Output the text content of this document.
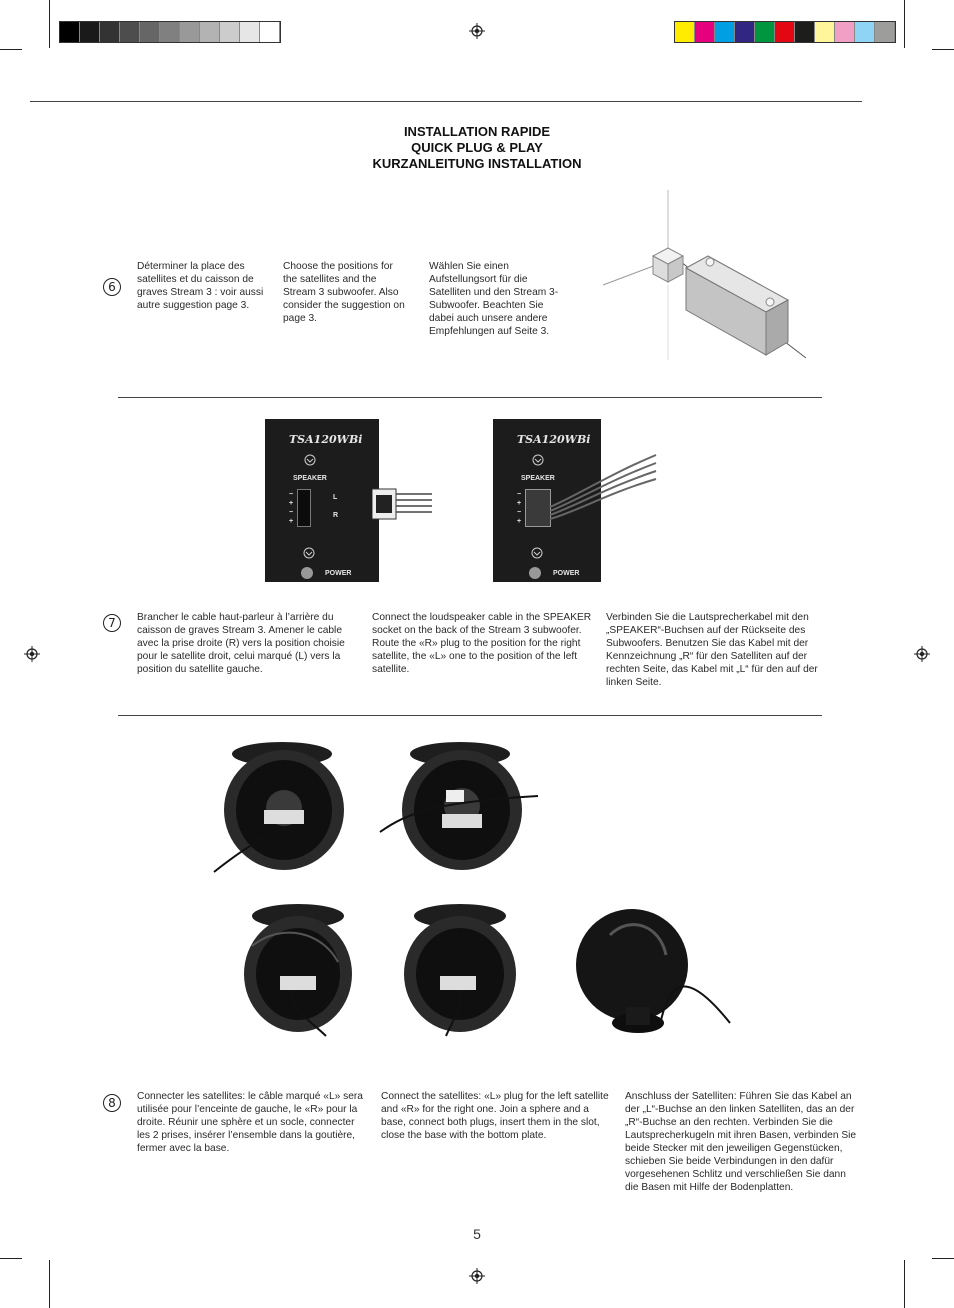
INSTALLATION RAPIDE
QUICK PLUG & PLAY
KURZANLEITUNG INSTALLATION
6
Déterminer la place des satellites et du caisson de graves Stream 3 : voir aussi autre suggestion page 3.
Choose the positions for the satellites and the Stream 3 subwoofer. Also consider the suggestion on page 3.
Wählen Sie einen Aufstellungsort für die Satelliten und den Stream 3-Subwoofer. Beachten Sie dabei auch unsere andere Empfehlungen auf Seite 3.
TSA120WBi
SPEAKER
−
+
−
+
L
R
POWER
TSA120WBi
SPEAKER
−
+
−
+
POWER
7	Brancher le cable haut-parleur à l’arrière du caisson de graves Stream 3. Amener le cable avec la prise droite (R) vers la position choisie pour le satellite droit, celui marqué (L) vers la position du satellite gauche.
Connect the loudspeaker cable in the SPEAKER socket on the back of the Stream 3 subwoofer. Route the «R» plug to the position for the right satellite, the «L» one to the position of the left satellite.
Verbinden Sie die Lautsprecherkabel mit den „SPEAKER“-Buchsen auf der Rückseite des Subwoofers. Benutzen Sie das Kabel mit der Kennzeichnung „R“ für den Satelliten auf der rechten Seite, das Kabel mit „L“ für den auf der linken Seite.
8	Connecter les satellites: le câble marqué «L» sera utilisée pour l’enceinte de gauche, le «R» pour la droite. Réunir une sphère et un socle, connecter les 2 prises, insérer l’ensemble dans la goutière, fermer avec la base.
Connect the satellites: «L» plug for the left satellite and «R» for the right one. Join a sphere and a base, connect both plugs, insert them in the slot, close the base with the bottom plate.
Anschluss der Satelliten: Führen Sie das Kabel an der „L“-Buchse an den linken Satelliten, das an der „R“-Buchse an den rechten. Verbinden Sie die Lautsprecherkugeln mit ihren Basen, verbinden Sie beide Stecker mit den jeweiligen Gegenstücken, schieben Sie beide Verbindungen in den dafür vorgesehenen Schlitz und verschließen Sie dann die Basen mit Hilfe der Bodenplatten.
5
